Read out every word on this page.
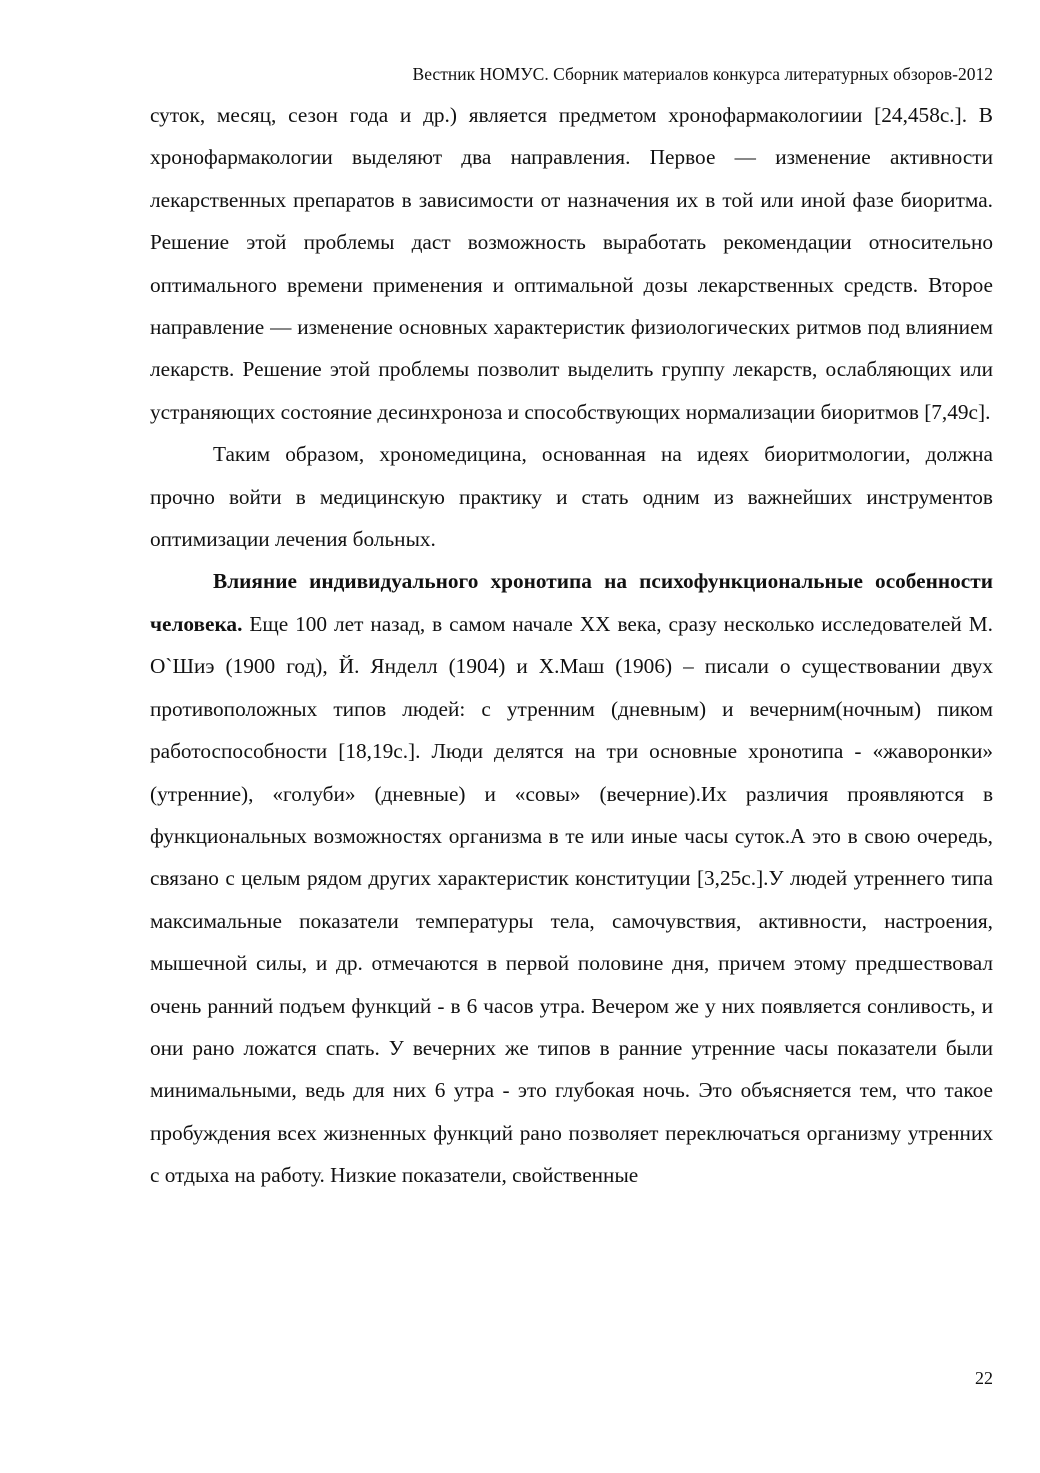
Вестник НОМУС. Сборник материалов конкурса литературных обзоров-2012

суток, месяц, сезон года и др.) является предметом хронофармакологиии [24,458с.]. В хронофармакологии выделяют два направления. Первое — изменение активности лекарственных препаратов в зависимости от назначения их в той или иной фазе биоритма. Решение этой проблемы даст возможность выработать рекомендации относительно оптимального времени применения и оптимальной дозы лекарственных средств. Второе направление — изменение основных характеристик физиологических ритмов под влиянием лекарств. Решение этой проблемы позволит выделить группу лекарств, ослабляющих или устраняющих состояние десинхроноза и способствующих нормализации биоритмов [7,49с].

Таким образом, хрономедицина, основанная на идеях биоритмологии, должна прочно войти в медицинскую практику и стать одним из важнейших инструментов оптимизации лечения больных.

Влияние индивидуального хронотипа на психофункциональные особенности человека. Еще 100 лет назад, в самом начале XX века, сразу несколько исследователей М. О`Шиэ (1900 год), Й. Янделл (1904) и Х.Маш (1906) – писали о существовании двух противоположных типов людей: с утренним (дневным) и вечерним(ночным) пиком работоспособности [18,19с.]. Люди делятся на три основные хронотипа - «жаворонки» (утренние), «голуби» (дневные) и «совы» (вечерние).Их различия проявляются в функциональных возможностях организма в те или иные часы суток.А это в свою очередь, связано с целым рядом других характеристик конституции [3,25с.].У людей утреннего типа максимальные показатели температуры тела, самочувствия, активности, настроения, мышечной силы, и др. отмечаются в первой половине дня, причем этому предшествовал очень ранний подъем функций - в 6 часов утра. Вечером же у них появляется сонливость, и они рано ложатся спать. У вечерних же типов в ранние утренние часы показатели были минимальными, ведь для них 6 утра - это глубокая ночь. Это объясняется тем, что такое пробуждения всех жизненных функций рано позволяет переключаться организму утренних с отдыха на работу. Низкие показатели, свойственные

22
